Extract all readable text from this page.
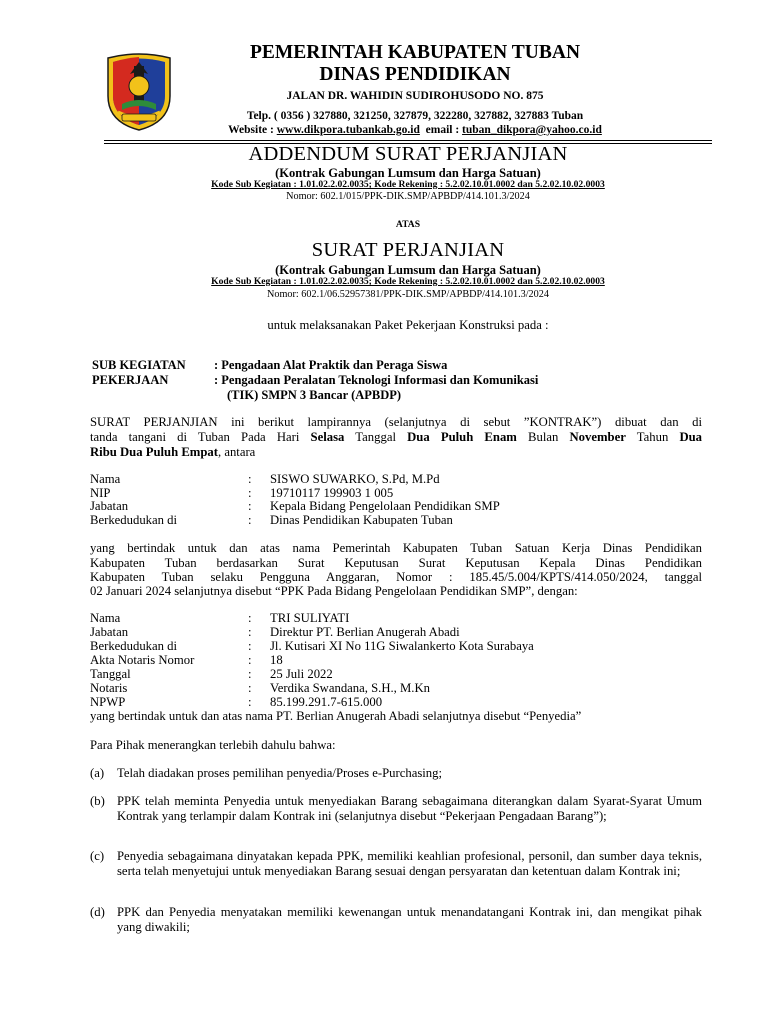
PEMERINTAH KABUPATEN TUBAN
DINAS PENDIDIKAN
JALAN DR. WAHIDIN SUDIROHUSODO NO. 875
Telp. ( 0356 ) 327880, 321250, 327879, 322280, 327882, 327883 Tuban
Website : www.dikpora.tubankab.go.id email : tuban_dikpora@yahoo.co.id
ADDENDUM SURAT PERJANJIAN
(Kontrak Gabungan Lumsum dan Harga Satuan)
Kode Sub Kegiatan : 1.01.02.2.02.0035; Kode Rekening : 5.2.02.10.01.0002 dan 5.2.02.10.02.0003
Nomor: 602.1/015/PPK-DIK.SMP/APBDP/414.101.3/2024
ATAS
SURAT PERJANJIAN
(Kontrak Gabungan Lumsum dan Harga Satuan)
Kode Sub Kegiatan : 1.01.02.2.02.0035; Kode Rekening : 5.2.02.10.01.0002 dan 5.2.02.10.02.0003
Nomor: 602.1/06.52957381/PPK-DIK.SMP/APBDP/414.101.3/2024
untuk melaksanakan Paket Pekerjaan Konstruksi pada :
SUB KEGIATAN : Pengadaan Alat Praktik dan Peraga Siswa
PEKERJAAN	: Pengadaan Peralatan Teknologi Informasi dan Komunikasi
(TIK) SMPN 3 Bancar (APBDP)
SURAT PERJANJIAN ini berikut lampirannya (selanjutnya di sebut ”KONTRAK”) dibuat dan di
tanda tangani di Tuban Pada Hari Selasa Tanggal Dua Puluh Enam Bulan November Tahun Dua
Ribu Dua Puluh Empat, antara
Nama	: SISWO SUWARKO, S.Pd, M.Pd
NIP	: 19710117 199903 1 005
Jabatan	: Kepala Bidang Pengelolaan Pendidikan SMP
Berkedudukan di	: Dinas Pendidikan Kabupaten Tuban
yang bertindak untuk dan atas nama Pemerintah Kabupaten Tuban Satuan Kerja Dinas Pendidikan
Kabupaten Tuban berdasarkan Surat Keputusan Surat Keputusan Kepala Dinas Pendidikan
Kabupaten Tuban selaku Pengguna Anggaran, Nomor : 185.45/5.004/KPTS/414.050/2024, tanggal
02 Januari 2024 selanjutnya disebut “PPK Pada Bidang Pengelolaan Pendidikan SMP”, dengan:
Nama	: TRI SULIYATI
Jabatan	: Direktur PT. Berlian Anugerah Abadi
Berkedudukan di	: Jl. Kutisari XI No 11G Siwalankerto Kota Surabaya
Akta Notaris Nomor	: 18
Tanggal	: 25 Juli 2022
Notaris	: Verdika Swandana, S.H., M.Kn
NPWP	: 85.199.291.7-615.000
yang bertindak untuk dan atas nama PT. Berlian Anugerah Abadi selanjutnya disebut “Penyedia”
Para Pihak menerangkan terlebih dahulu bahwa:
(a) Telah diadakan proses pemilihan penyedia/Proses e-Purchasing;
(b) PPK telah meminta Penyedia untuk menyediakan Barang sebagaimana diterangkan dalam Syarat-Syarat Umum Kontrak yang terlampir dalam Kontrak ini (selanjutnya disebut “Pekerjaan Pengadaan Barang”);
(c) Penyedia sebagaimana dinyatakan kepada PPK, memiliki keahlian profesional, personil, dan sumber daya teknis, serta telah menyetujui untuk menyediakan Barang sesuai dengan persyaratan dan ketentuan dalam Kontrak ini;
(d) PPK dan Penyedia menyatakan memiliki kewenangan untuk menandatangani Kontrak ini, dan mengikat pihak yang diwakili;
